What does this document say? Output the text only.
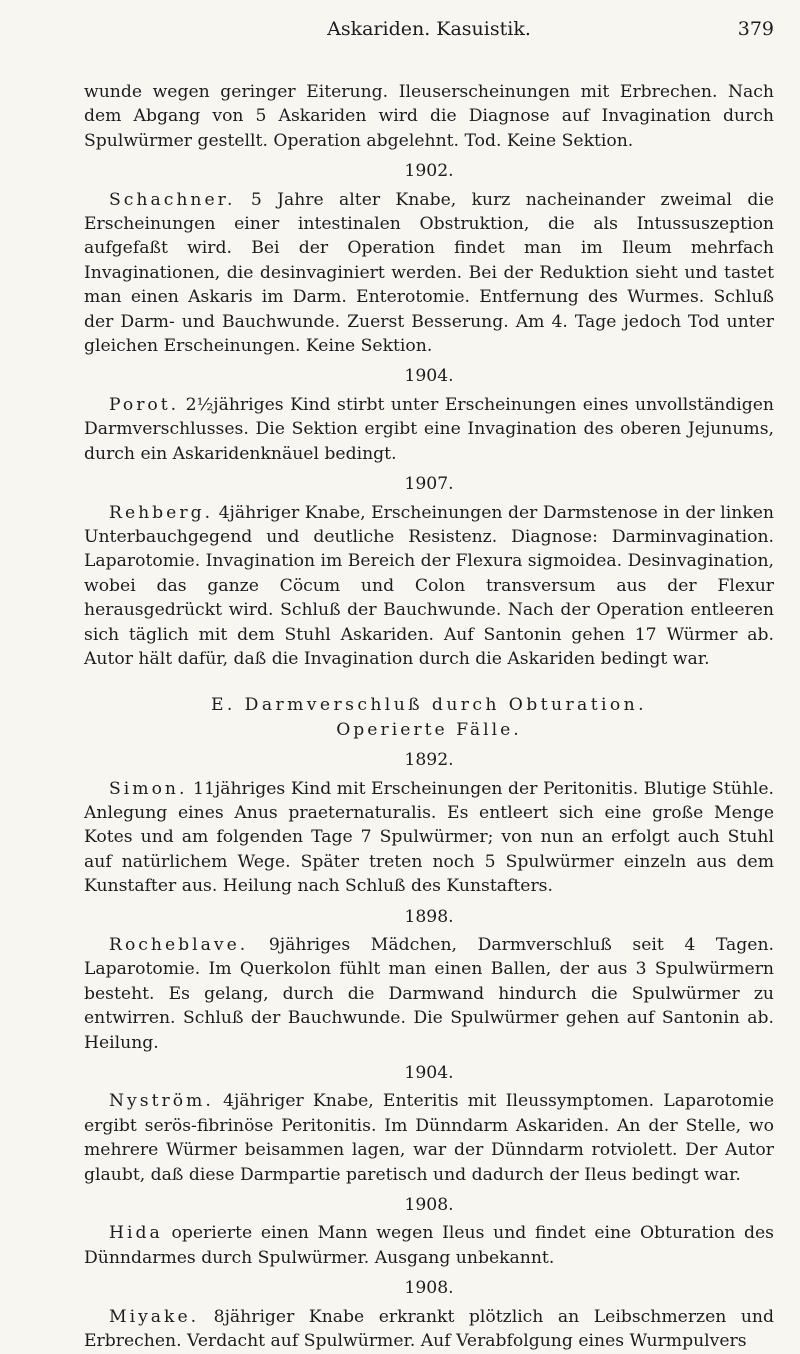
Askariden. Kasuistik.	379

wunde wegen geringer Eiterung. Ileuserscheinungen mit Erbrechen. Nach dem Abgang von 5 Askariden wird die Diagnose auf Invagination durch Spulwürmer gestellt. Operation abgelehnt. Tod. Keine Sektion.

1902.

Schachner. 5 Jahre alter Knabe, kurz nacheinander zweimal die Erscheinungen einer intestinalen Obstruktion, die als Intussuszeption aufgefaßt wird. Bei der Operation findet man im Ileum mehrfach Invaginationen, die desinvaginiert werden. Bei der Reduktion sieht und tastet man einen Askaris im Darm. Enterotomie. Entfernung des Wurmes. Schluß der Darm- und Bauchwunde. Zuerst Besserung. Am 4. Tage jedoch Tod unter gleichen Erscheinungen. Keine Sektion.

1904.

Porot. 2½jähriges Kind stirbt unter Erscheinungen eines unvollständigen Darmverschlusses. Die Sektion ergibt eine Invagination des oberen Jejunums, durch ein Askaridenknäuel bedingt.

1907.

Rehberg. 4jähriger Knabe, Erscheinungen der Darmstenose in der linken Unterbauchgegend und deutliche Resistenz. Diagnose: Darminvagination. Laparotomie. Invagination im Bereich der Flexura sigmoidea. Desinvagination, wobei das ganze Cöcum und Colon transversum aus der Flexur herausgedrückt wird. Schluß der Bauchwunde. Nach der Operation entleeren sich täglich mit dem Stuhl Askariden. Auf Santonin gehen 17 Würmer ab. Autor hält dafür, daß die Invagination durch die Askariden bedingt war.

E. Darmverschluß durch Obturation.

Operierte Fälle.

1892.

Simon. 11jähriges Kind mit Erscheinungen der Peritonitis. Blutige Stühle. Anlegung eines Anus praeternaturalis. Es entleert sich eine große Menge Kotes und am folgenden Tage 7 Spulwürmer; von nun an erfolgt auch Stuhl auf natürlichem Wege. Später treten noch 5 Spulwürmer einzeln aus dem Kunstafter aus. Heilung nach Schluß des Kunstafters.

1898.

Rocheblave. 9jähriges Mädchen, Darmverschluß seit 4 Tagen. Laparotomie. Im Querkolon fühlt man einen Ballen, der aus 3 Spulwürmern besteht. Es gelang, durch die Darmwand hindurch die Spulwürmer zu entwirren. Schluß der Bauchwunde. Die Spulwürmer gehen auf Santonin ab. Heilung.

1904.

Nyström. 4jähriger Knabe, Enteritis mit Ileussymptomen. Laparotomie ergibt serös-fibrinöse Peritonitis. Im Dünndarm Askariden. An der Stelle, wo mehrere Würmer beisammen lagen, war der Dünndarm rotviolett. Der Autor glaubt, daß diese Darmpartie paretisch und dadurch der Ileus bedingt war.

1908.

Hida operierte einen Mann wegen Ileus und findet eine Obturation des Dünndarmes durch Spulwürmer. Ausgang unbekannt.

1908.

Miyake. 8jähriger Knabe erkrankt plötzlich an Leibschmerzen und Erbrechen. Verdacht auf Spulwürmer. Auf Verabfolgung eines Wurmpulvers
